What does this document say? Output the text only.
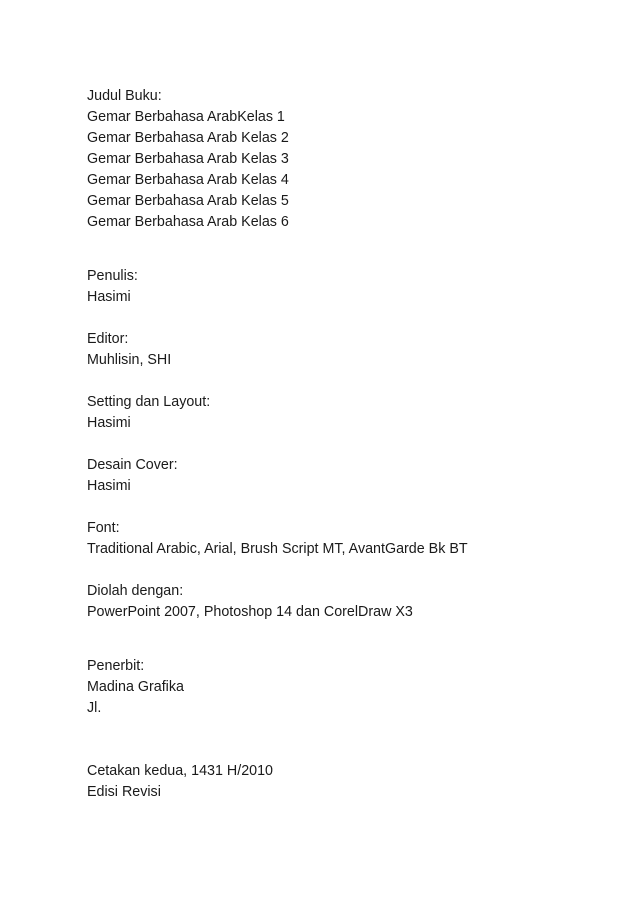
Judul Buku:
Gemar Berbahasa ArabKelas 1
Gemar Berbahasa Arab Kelas 2
Gemar Berbahasa Arab Kelas 3
Gemar Berbahasa Arab Kelas 4
Gemar Berbahasa Arab Kelas 5
Gemar Berbahasa Arab Kelas 6
Penulis:
Hasimi
Editor:
Muhlisin, SHI
Setting dan Layout:
Hasimi
Desain Cover:
Hasimi
Font:
Traditional Arabic, Arial, Brush Script MT, AvantGarde Bk BT
Diolah dengan:
PowerPoint 2007, Photoshop 14 dan CorelDraw X3
Penerbit:
Madina Grafika
Jl.
Cetakan kedua, 1431 H/2010
Edisi Revisi
